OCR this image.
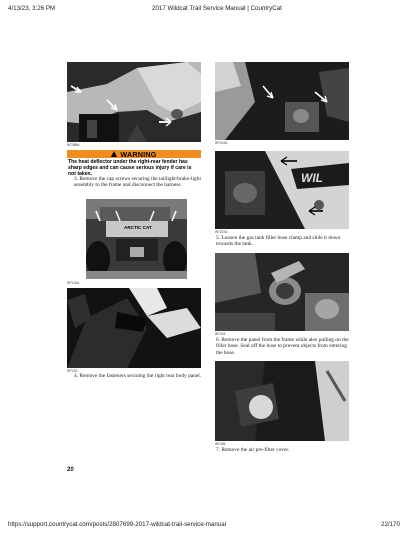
4/13/23, 3:26 PM	2017 Wildcat Trail Service Manual | CountryCat
WT089A
WARNING
The heat deflector under the right-rear fender has sharp edges and can cause serious injury if care is not taken.
3. Remove the cap screws securing the taillight/brake-light assembly to the frame and disconnect the harness.
ARCTIC CAT
WT101A
WT102
4. Remove the fasteners securing the right rear body panel.
WT241A
WIL
WT227A
5. Loosen the gas tank filler hose clamp and slide it down towards the tank.
WT244
6. Remove the panel from the frame while also pulling on the filler hose. Seal off the hose to prevent objects from entering the hose.
WT245
7. Remove the air pre-filter cover.
20
https://support.countrycat.com/posts/2807699-2017-wildcat-trail-service-manual	22/170
